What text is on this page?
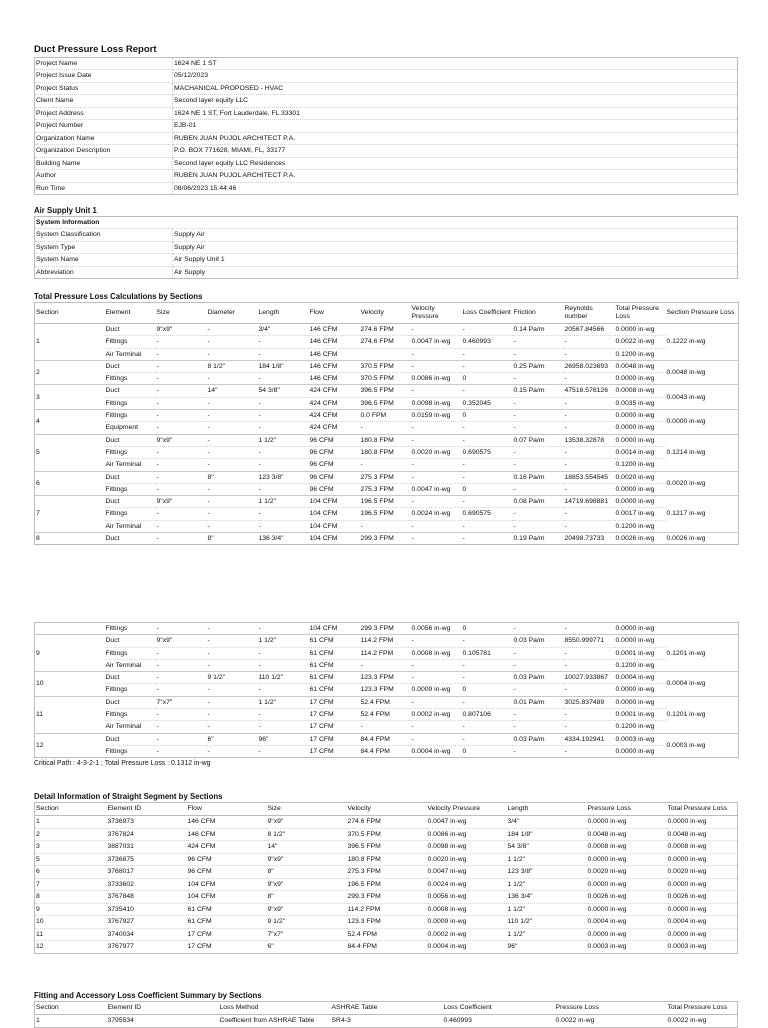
Duct Pressure Loss Report
Project Name	1624 NE 1 ST
Project Issue Date	05/12/2023
Project Status	MACHANICAL PROPOSED - HVAC
Client Name	Second layer equity LLC
Project Address	1624 NE 1 ST, Fort Lauderdale, FL 33301
Project Number	EJB-01
Organization Name	RUBEN JUAN PUJOL ARCHITECT P.A.
Organization Description	P.O. BOX 771628, MIAMI, FL, 33177
Building Name	Second layer equity LLC Residences
Author	RUBEN JUAN PUJOL ARCHITECT P.A.
Run Time	08/06/2023 15:44:46
Air Supply Unit 1
System Information	
System Classification	Supply Air
System Type	Supply Air
System Name	Air Supply Unit 1
Abbreviation	Air Supply
Total Pressure Loss Calculations by Sections
Section	Element	Size	Diameter	Length	Flow	Velocity	Velocity Pressure	Loss Coefficient	Friction	Reynolds number	Total Pressure Loss	Section Pressure Loss
1	Duct	9"x9"	-	3/4"	146 CFM	274.6 FPM	-	-	0.14 Pa/m	20567.84566	0.0000 in-wg	0.1222 in-wg
	Fittings	-	-	-	146 CFM	274.6 FPM	0.0047 in-wg	0.460993	-	-	0.0022 in-wg	
	Air Terminal	-	-	-	146 CFM		-	-	-	-	0.1200 in-wg	
2	Duct	-	8 1/2"	184 1/8"	146 CFM	370.5 FPM	-	-	0.25 Pa/m	26958.023693	0.0048 in-wg	0.0048 in-wg
	Fittings	-	-	-	146 CFM	370.5 FPM	0.0086 in-wg	0	-	-	0.0000 in-wg	
3	Duct	-	14"	54 3/8"	424 CFM	396.5 FPM	-	-	0.15 Pa/m	47516.576126	0.0008 in-wg	0.0043 in-wg
	Fittings	-	-	-	424 CFM	396.5 FPM	0.0098 in-wg	0.352045	-	-	0.0035 in-wg	
4	Fittings	-	-	-	424 CFM	0.0 FPM	0.0159 in-wg	0	-	-	0.0000 in-wg	0.0000 in-wg
	Equipment	-	-	-	424 CFM	-	-	-	-	-	0.0000 in-wg	
5	Duct	9"x9"	-	1 1/2"	96 CFM	180.8 FPM	-	-	0.07 Pa/m	13538.32878	0.0000 in-wg	0.1214 in-wg
	Fittings	-	-	-	96 CFM	180.8 FPM	0.0020 in-wg	0.690575	-	-	0.0014 in-wg	
	Air Terminal	-	-	-	96 CFM	-	-	-	-	-	0.1200 in-wg	
6	Duct	-	8"	123 3/8"	96 CFM	275.3 FPM	-	-	0.16 Pa/m	18853.554545	0.0020 in-wg	0.0020 in-wg
	Fittings	-	-	-	96 CFM	275.3 FPM	0.0047 in-wg	0	-	-	0.0000 in-wg	
7	Duct	9"x9"	-	1 1/2"	104 CFM	196.5 FPM	-	-	0.08 Pa/m	14719.698881	0.0000 in-wg	0.1217 in-wg
	Fittings	-	-	-	104 CFM	196.5 FPM	0.0024 in-wg	0.690575	-	-	0.0017 in-wg	
	Air Terminal	-	-	-	104 CFM	-	-	-	-	-	0.1200 in-wg	
8	Duct	-	8"	136 3/4"	104 CFM	299.3 FPM	-	-	0.19 Pa/m	20498.73733	0.0026 in-wg	0.0026 in-wg
	Fittings	-	-	-	104 CFM	299.3 FPM	0.0056 in-wg	0	-	-	0.0000 in-wg	
9	Duct	9"x9"	-	1 1/2"	61 CFM	114.2 FPM	-	-	0.03 Pa/m	8550.999771	0.0000 in-wg	0.1201 in-wg
	Fittings	-	-	-	61 CFM	114.2 FPM	0.0008 in-wg	0.105781	-	-	0.0001 in-wg	
	Air Terminal	-	-	-	61 CFM	-	-	-	-	-	0.1200 in-wg	
10	Duct	-	9 1/2"	110 1/2"	61 CFM	123.3 FPM	-	-	0.03 Pa/m	10027.933867	0.0004 in-wg	0.0004 in-wg
	Fittings	-	-	-	61 CFM	123.3 FPM	0.0009 in-wg	0	-	-	0.0000 in-wg	
11	Duct	7"x7"	-	1 1/2"	17 CFM	52.4 FPM	-	-	0.01 Pa/m	3025.837489	0.0000 in-wg	0.1201 in-wg
	Fittings	-	-	-	17 CFM	52.4 FPM	0.0002 in-wg	0.807106	-	-	0.0001 in-wg	
	Air Terminal	-	-	-	17 CFM	-	-	-	-	-	0.1200 in-wg	
12	Duct	-	6"	96"	17 CFM	84.4 FPM	-	-	0.03 Pa/m	4334.192941	0.0003 in-wg	0.0003 in-wg
	Fittings	-	-	-	17 CFM	84.4 FPM	0.0004 in-wg	0	-	-	0.0000 in-wg	
Critical Path : 4-3-2-1 ; Total Pressure Loss : 0.1312 in-wg
Detail Information of Straight Segment by Sections
Section	Element ID	Flow	Size	Velocity	Velocity Pressure	Length	Pressure Loss	Total Pressure Loss
1	3736973	146 CFM	9"x9"	274.6 FPM	0.0047 in-wg	3/4"	0.0000 in-wg	0.0000 in-wg
2	3767824	146 CFM	8 1/2"	370.5 FPM	0.0086 in-wg	184 1/8"	0.0048 in-wg	0.0048 in-wg
3	3887031	424 CFM	14"	396.5 FPM	0.0098 in-wg	54 3/8"	0.0008 in-wg	0.0008 in-wg
5	3736875	96 CFM	9"x9"	180.8 FPM	0.0020 in-wg	1 1/2"	0.0000 in-wg	0.0000 in-wg
6	3768017	96 CFM	8"	275.3 FPM	0.0047 in-wg	123 3/8"	0.0020 in-wg	0.0020 in-wg
7	3733602	104 CFM	9"x9"	196.5 FPM	0.0024 in-wg	1 1/2"	0.0000 in-wg	0.0000 in-wg
8	3767848	104 CFM	8"	299.3 FPM	0.0056 in-wg	136 3/4"	0.0026 in-wg	0.0026 in-wg
9	3735410	61 CFM	9"x9"	114.2 FPM	0.0008 in-wg	1 1/2"	0.0000 in-wg	0.0000 in-wg
10	3767927	61 CFM	9 1/2"	123.3 FPM	0.0009 in-wg	110 1/2"	0.0004 in-wg	0.0004 in-wg
11	3740034	17 CFM	7"x7"	52.4 FPM	0.0002 in-wg	1 1/2"	0.0000 in-wg	0.0000 in-wg
12	3767977	17 CFM	6"	84.4 FPM	0.0004 in-wg	96"	0.0003 in-wg	0.0003 in-wg
Fitting and Accessory Loss Coefficient Summary by Sections
Section	Element ID	Loss Method	ASHRAE Table	Loss Coefficient	Pressure Loss	Total Pressure Loss
1	3795534	Coefficient from ASHRAE Table	SR4-3	0.460993	0.0022 in-wg	0.0022 in-wg
